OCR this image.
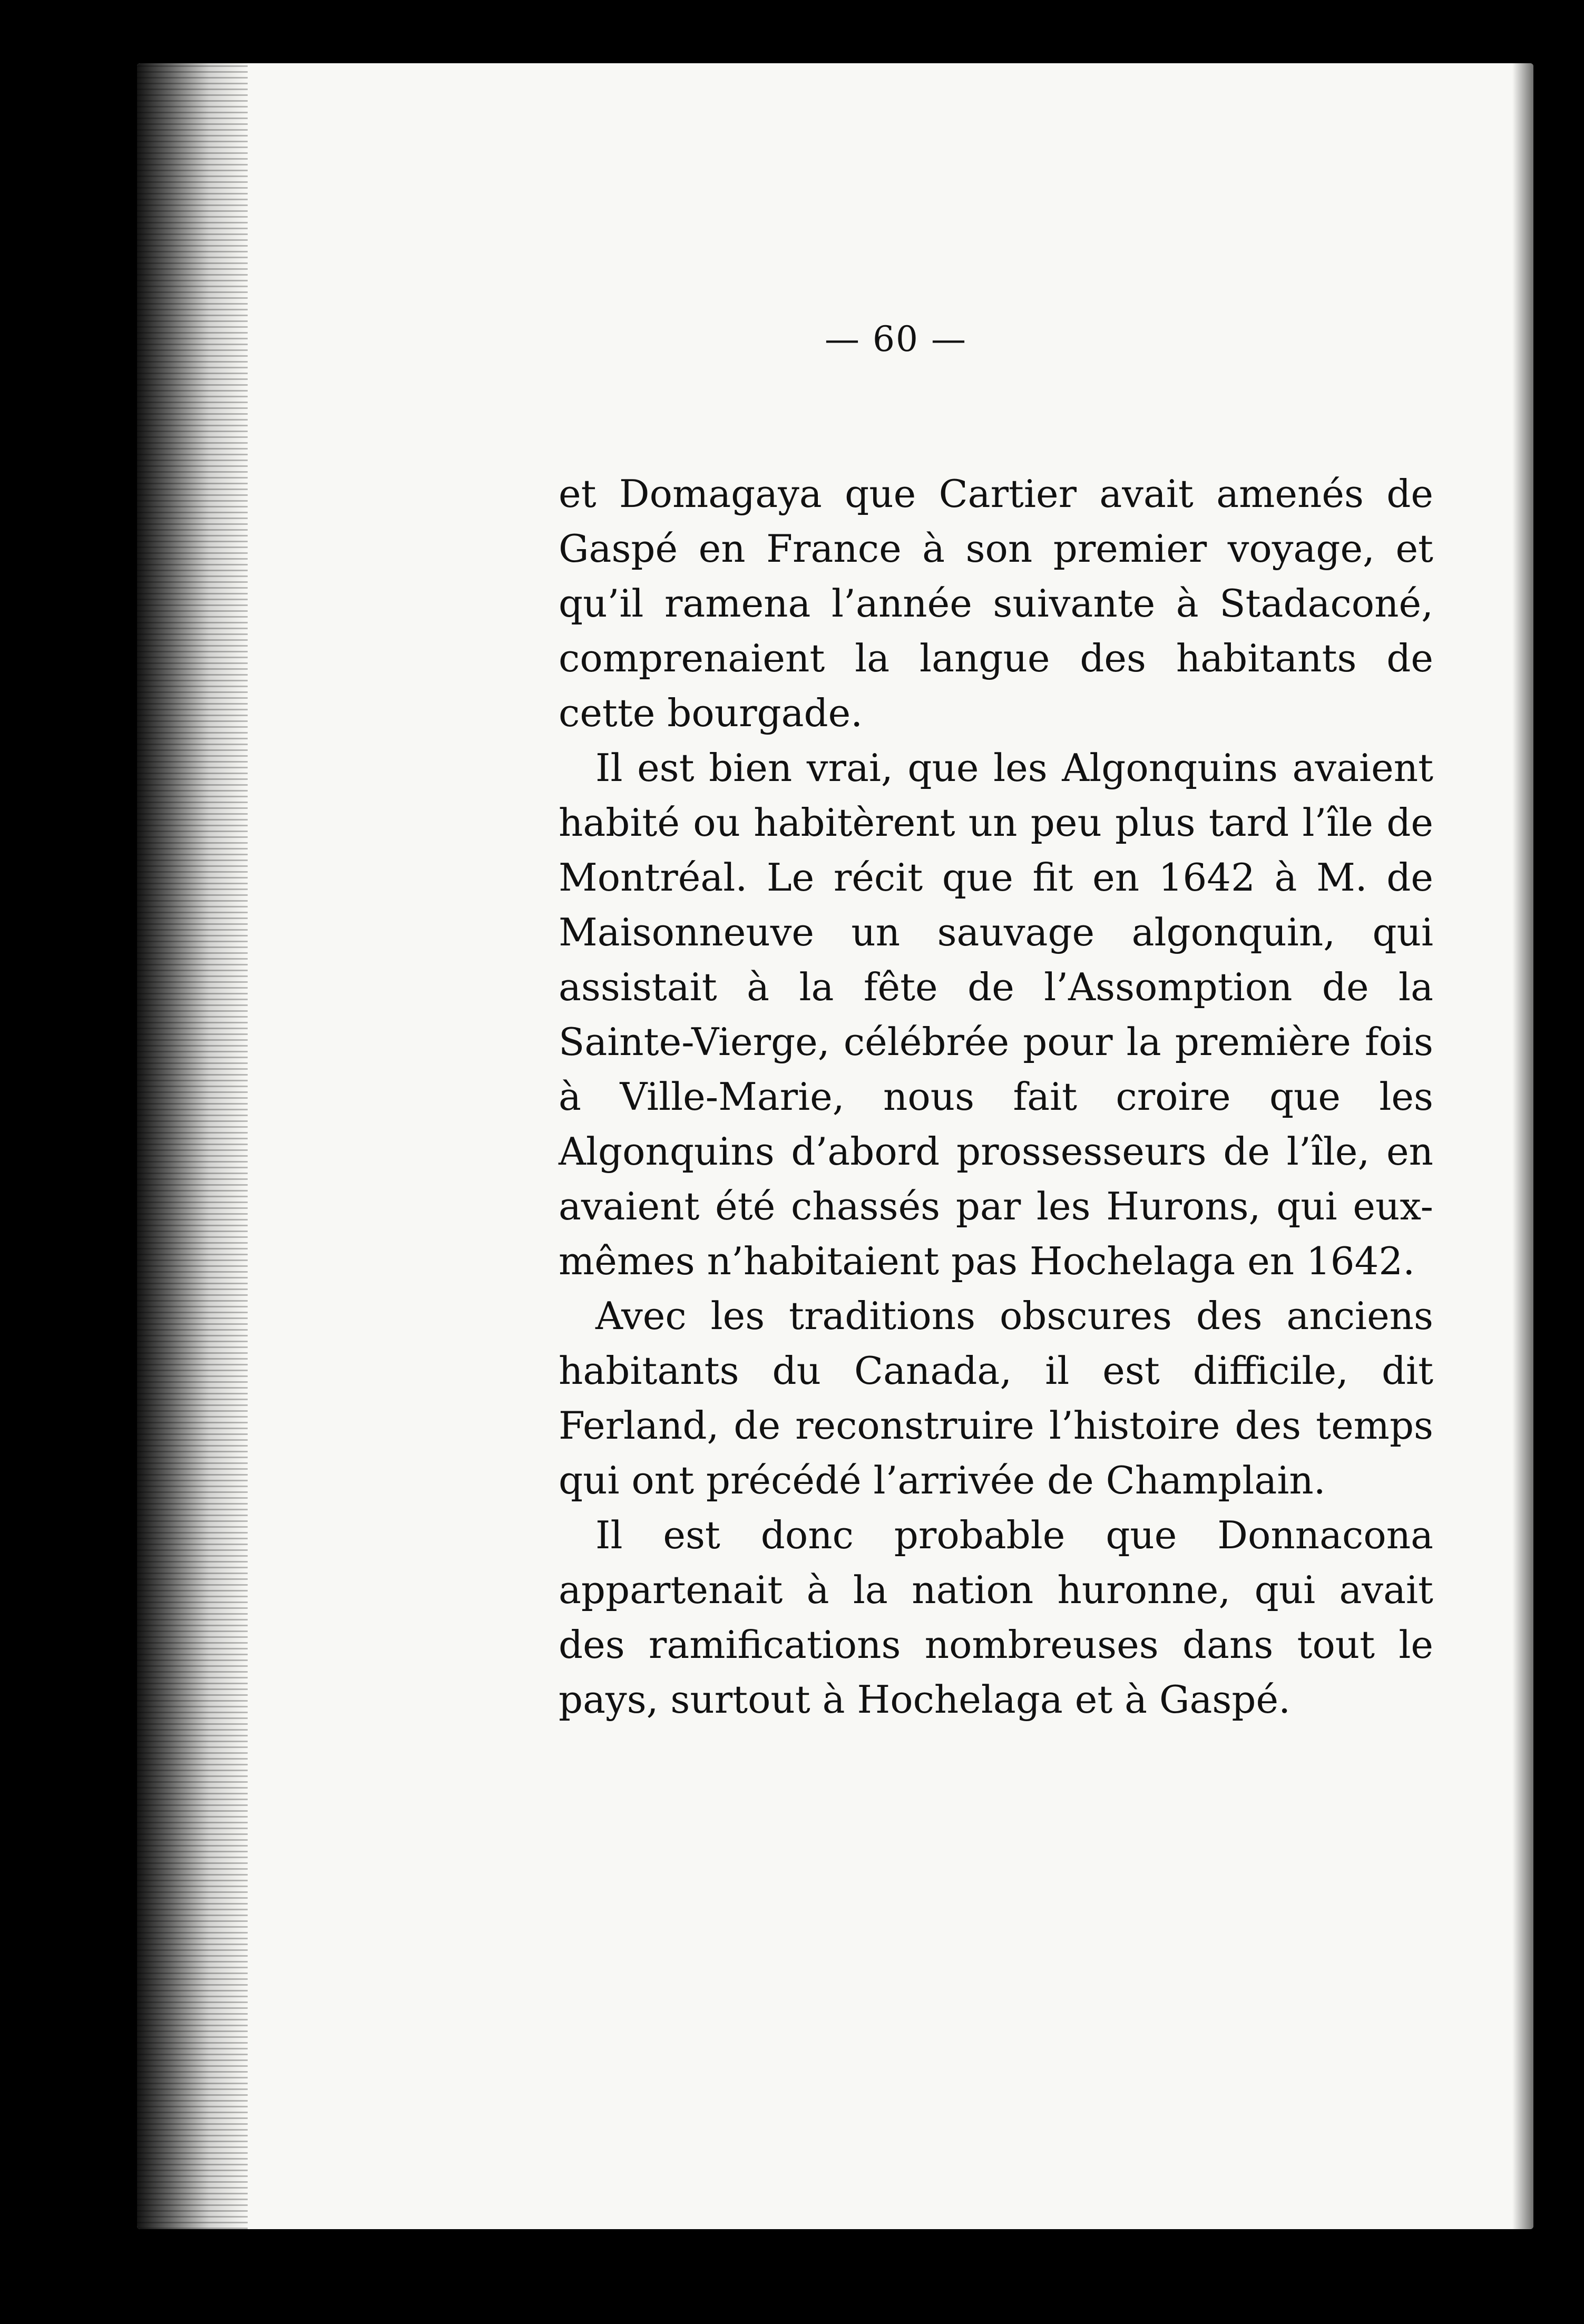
— 60 —

et Domagaya que Cartier avait amenés de Gaspé en France à son premier voyage, et qu’il ramena l’année suivante à Stadaconé, comprenaient la langue des habitants de cette bourgade.

Il est bien vrai, que les Algonquins avaient habité ou habitèrent un peu plus tard l’île de Montréal. Le récit que fit en 1642 à M. de Maisonneuve un sauvage algonquin, qui assistait à la fête de l’Assomption de la Sainte-Vierge, célébrée pour la première fois à Ville-Marie, nous fait croire que les Algonquins d’abord prossesseurs de l’île, en avaient été chassés par les Hurons, qui eux-mêmes n’habitaient pas Hochelaga en 1642.

Avec les traditions obscures des anciens habitants du Canada, il est difficile, dit Ferland, de reconstruire l’histoire des temps qui ont précédé l’arrivée de Champlain.

Il est donc probable que Donnacona appartenait à la nation huronne, qui avait des ramifications nombreuses dans tout le pays, surtout à Hochelaga et à Gaspé.
